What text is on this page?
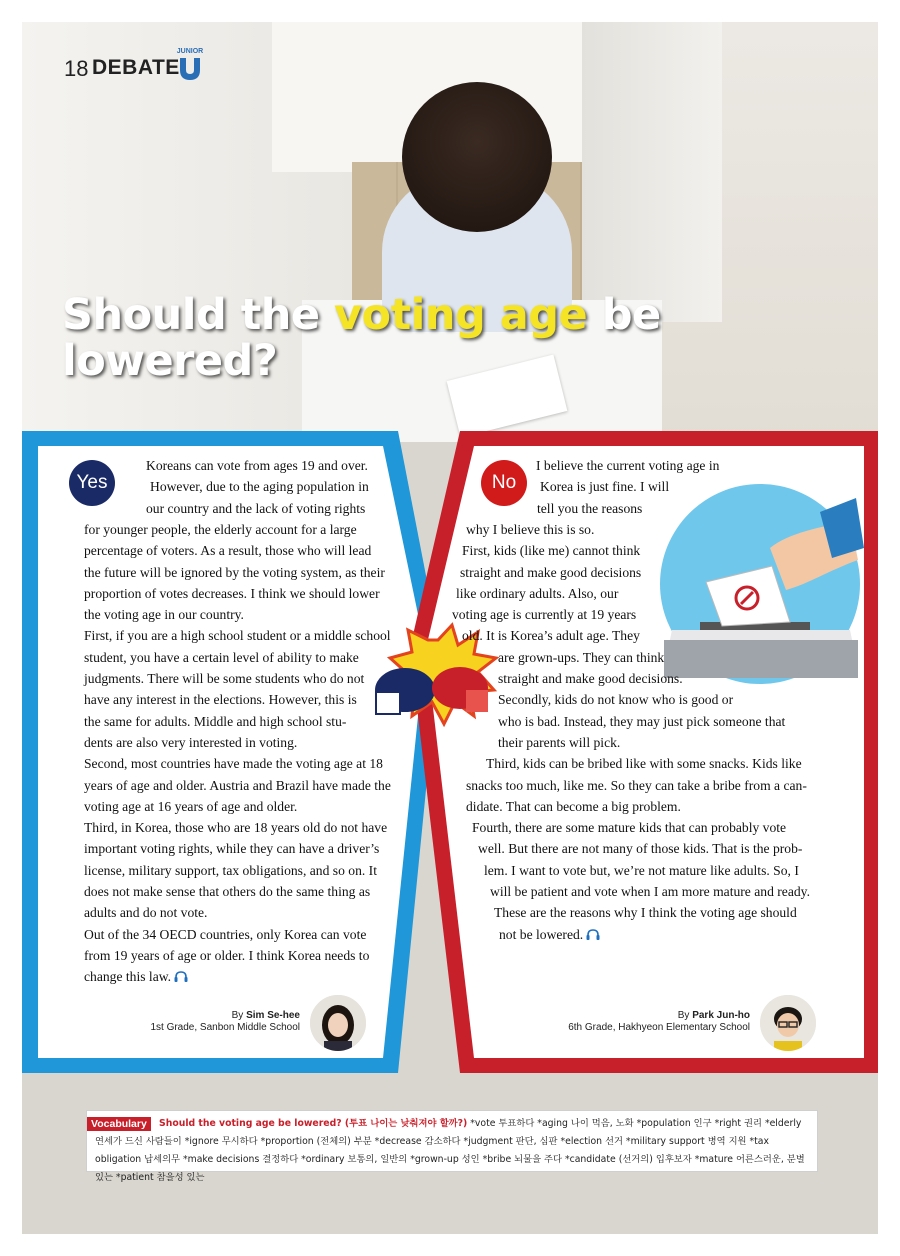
18 DEBATE
JUNIOR
Should the voting age be
lowered?
Yes	No
Koreans can vote from ages 19 and over.
However, due to the aging population in
our country and the lack of voting rights
for younger people, the elderly account for a large
percentage of voters. As a result, those who will lead
the future will be ignored by the voting system, as their
proportion of votes decreases. I think we should lower
the voting age in our country.
First, if you are a high school student or a middle school
student, you have a certain level of ability to make
judgments. There will be some students who do not
have any interest in the elections. However, this is
the same for adults. Middle and high school stu-
dents are also very interested in voting.
Second, most countries have made the voting age at 18
years of age and older. Austria and Brazil have made the
voting age at 16 years of age and older.
Third, in Korea, those who are 18 years old do not have
important voting rights, while they can have a driver’s
license, military support, tax obligations, and so on. It
does not make sense that others do the same thing as
adults and do not vote.
Out of the 34 OECD countries, only Korea can vote
from 19 years of age or older. I think Korea needs to
change this law.
I believe the current voting age in
Korea is just fine. I will
tell you the reasons
why I believe this is so.
First, kids (like me) cannot think
straight and make good decisions
like ordinary adults. Also, our
voting age is currently at 19 years
old. It is Korea’s adult age. They
are grown-ups. They can think
straight and make good decisions.
Secondly, kids do not know who is good or
who is bad. Instead, they may just pick someone that
their parents will pick.
Third, kids can be bribed like with some snacks. Kids like
snacks too much, like me. So they can take a bribe from a can-
didate. That can become a big problem.
Fourth, there are some mature kids that can probably vote
well. But there are not many of those kids. That is the prob-
lem. I want to vote but, we’re not mature like adults. So, I
will be patient and vote when I am more mature and ready.
These are the reasons why I think the voting age should
not be lowered.
By Sim Se-hee
1st Grade, Sanbon Middle School
By Park Jun-ho
6th Grade, Hakhyeon Elementary School
Vocabulary	Should the voting age be lowered? (투표 나이는 낮춰져야 할까?) *vote 투표하다 *aging 나이 먹음, 노화 *population 인구 *right 권리 *elderly 연세가 드신 사람들이 *ignore 무시하다 *proportion (전체의) 부분 *decrease 감소하다 *judgment 판단, 심판 *election 선거 *military support 병역 지원 *tax obligation 납세의무 *make decisions 결정하다 *ordinary 보통의, 일반의 *grown-up 성인 *bribe 뇌물을 주다 *candidate (선거의) 입후보자 *mature 어른스러운, 분별 있는 *patient 참을성 있는
